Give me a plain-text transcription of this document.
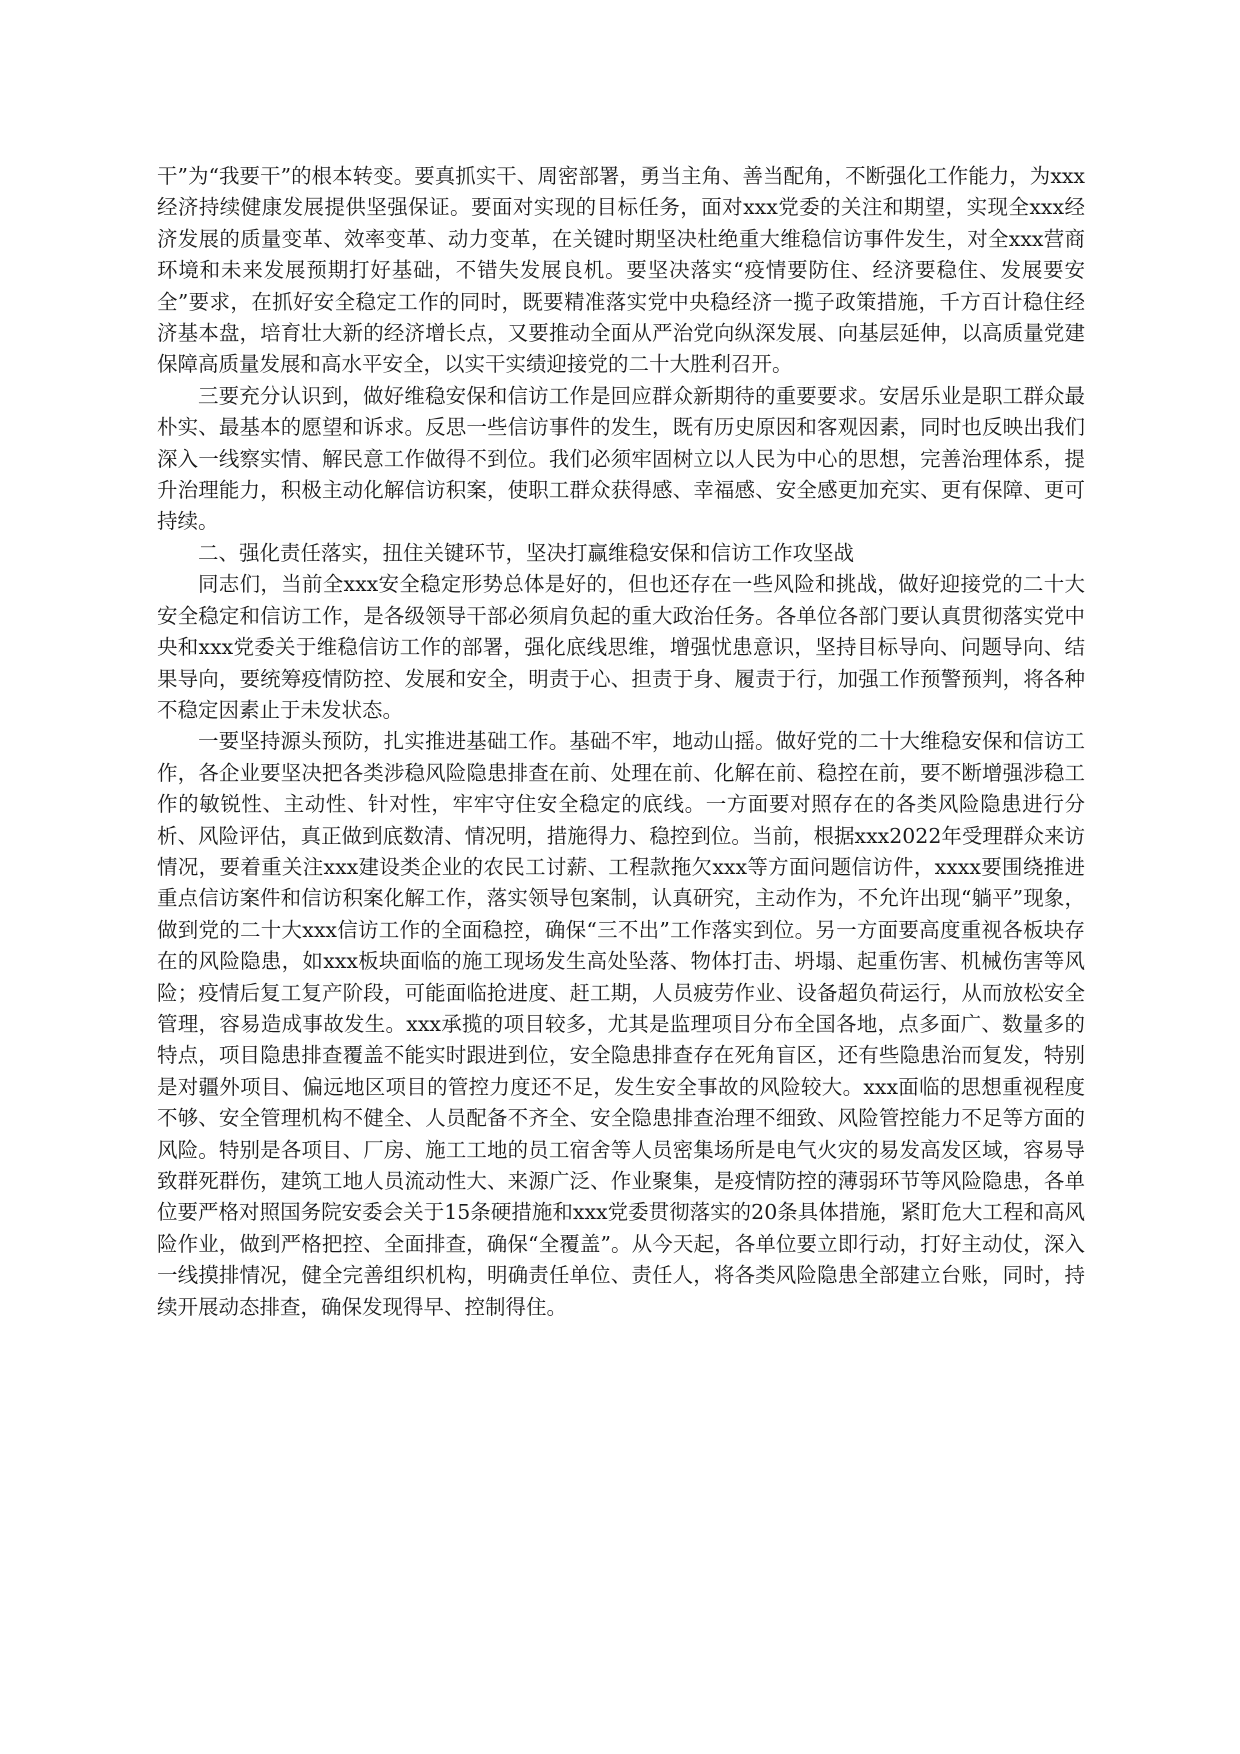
干”为“我要干”的根本转变。要真抓实干、周密部署，勇当主角、善当配角，不断强化工作能力，为xxx经济持续健康发展提供坚强保证。要面对实现的目标任务，面对xxx党委的关注和期望，实现全xxx经济发展的质量变革、效率变革、动力变革，在关键时期坚决杜绝重大维稳信访事件发生，对全xxx营商环境和未来发展预期打好基础，不错失发展良机。要坚决落实“疫情要防住、经济要稳住、发展要安全”要求，在抓好安全稳定工作的同时，既要精准落实党中央稳经济一揽子政策措施，千方百计稳住经济基本盘，培育壮大新的经济增长点，又要推动全面从严治党向纵深发展、向基层延伸，以高质量党建保障高质量发展和高水平安全，以实干实绩迎接党的二十大胜利召开。

三要充分认识到，做好维稳安保和信访工作是回应群众新期待的重要要求。安居乐业是职工群众最朴实、最基本的愿望和诉求。反思一些信访事件的发生，既有历史原因和客观因素，同时也反映出我们深入一线察实情、解民意工作做得不到位。我们必须牢固树立以人民为中心的思想，完善治理体系，提升治理能力，积极主动化解信访积案，使职工群众获得感、幸福感、安全感更加充实、更有保障、更可持续。

二、强化责任落实，扭住关键环节，坚决打赢维稳安保和信访工作攻坚战

同志们，当前全xxx安全稳定形势总体是好的，但也还存在一些风险和挑战，做好迎接党的二十大安全稳定和信访工作，是各级领导干部必须肩负起的重大政治任务。各单位各部门要认真贯彻落实党中央和xxx党委关于维稳信访工作的部署，强化底线思维，增强忧患意识，坚持目标导向、问题导向、结果导向，要统筹疫情防控、发展和安全，明责于心、担责于身、履责于行，加强工作预警预判，将各种不稳定因素止于未发状态。

一要坚持源头预防，扎实推进基础工作。基础不牢，地动山摇。做好党的二十大维稳安保和信访工作，各企业要坚决把各类涉稳风险隐患排查在前、处理在前、化解在前、稳控在前，要不断增强涉稳工作的敏锐性、主动性、针对性，牢牢守住安全稳定的底线。一方面要对照存在的各类风险隐患进行分析、风险评估，真正做到底数清、情况明，措施得力、稳控到位。当前，根据xxx2022年受理群众来访情况，要着重关注xxx建设类企业的农民工讨薪、工程款拖欠xxx等方面问题信访件，xxxx要围绕推进重点信访案件和信访积案化解工作，落实领导包案制，认真研究，主动作为，不允许出现“躺平”现象，做到党的二十大xxx信访工作的全面稳控，确保“三不出”工作落实到位。另一方面要高度重视各板块存在的风险隐患，如xxx板块面临的施工现场发生高处坠落、物体打击、坍塌、起重伤害、机械伤害等风险；疫情后复工复产阶段，可能面临抢进度、赶工期，人员疲劳作业、设备超负荷运行，从而放松安全管理，容易造成事故发生。xxx承揽的项目较多，尤其是监理项目分布全国各地，点多面广、数量多的特点，项目隐患排查覆盖不能实时跟进到位，安全隐患排查存在死角盲区，还有些隐患治而复发，特别是对疆外项目、偏远地区项目的管控力度还不足，发生安全事故的风险较大。xxx面临的思想重视程度不够、安全管理机构不健全、人员配备不齐全、安全隐患排查治理不细致、风险管控能力不足等方面的风险。特别是各项目、厂房、施工工地的员工宿舍等人员密集场所是电气火灾的易发高发区域，容易导致群死群伤，建筑工地人员流动性大、来源广泛、作业聚集，是疫情防控的薄弱环节等风险隐患，各单位要严格对照国务院安委会关于15条硬措施和xxx党委贯彻落实的20条具体措施，紧盯危大工程和高风险作业，做到严格把控、全面排查，确保“全覆盖”。从今天起，各单位要立即行动，打好主动仗，深入一线摸排情况，健全完善组织机构，明确责任单位、责任人，将各类风险隐患全部建立台账，同时，持续开展动态排查，确保发现得早、控制得住。
